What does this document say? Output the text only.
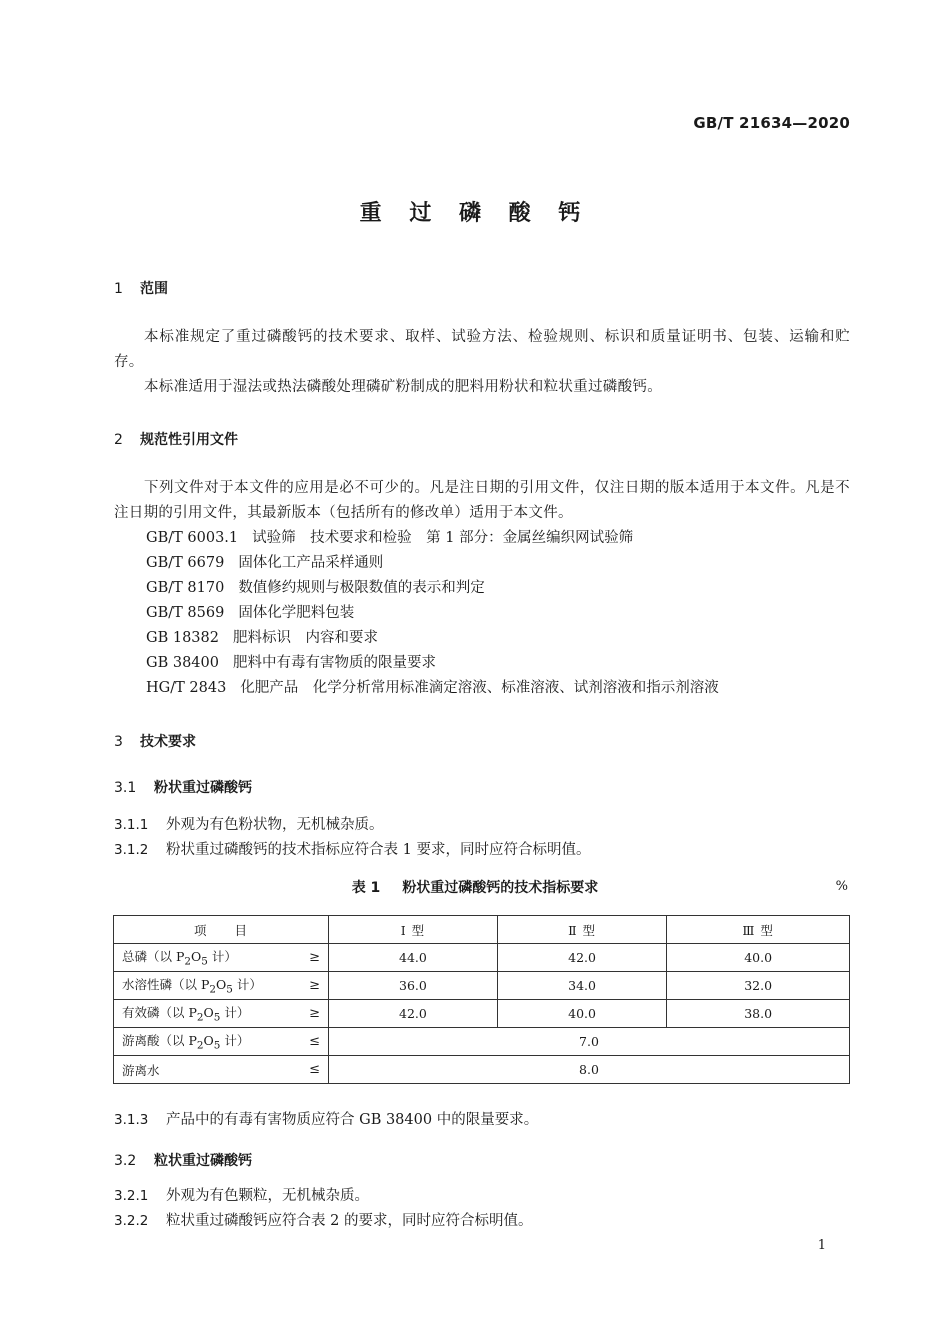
GB/T 21634—2020
重 过 磷 酸 钙
1 范围
本标准规定了重过磷酸钙的技术要求、取样、试验方法、检验规则、标识和质量证明书、包装、运输和贮存。
本标准适用于湿法或热法磷酸处理磷矿粉制成的肥料用粉状和粒状重过磷酸钙。
2 规范性引用文件
下列文件对于本文件的应用是必不可少的。凡是注日期的引用文件，仅注日期的版本适用于本文件。凡是不注日期的引用文件，其最新版本（包括所有的修改单）适用于本文件。
GB/T 6003.1 试验筛　技术要求和检验　第 1 部分：金属丝编织网试验筛
GB/T 6679 固体化工产品采样通则
GB/T 8170 数值修约规则与极限数值的表示和判定
GB/T 8569 固体化学肥料包装
GB 18382 肥料标识　内容和要求
GB 38400 肥料中有毒有害物质的限量要求
HG/T 2843 化肥产品　化学分析常用标准滴定溶液、标准溶液、试剂溶液和指示剂溶液
3 技术要求
3.1 粉状重过磷酸钙
3.1.1 外观为有色粉状物，无机械杂质。
3.1.2 粉状重过磷酸钙的技术指标应符合表 1 要求，同时应符合标明值。
表 1 粉状重过磷酸钙的技术指标要求	%
项　　目	Ⅰ 型	Ⅱ 型	Ⅲ 型
总磷（以 $P_2O_5$ 计） ≥	44.0	42.0	40.0
水溶性磷（以 $P_2O_5$ 计） ≥	36.0	34.0	32.0
有效磷（以 $P_2O_5$ 计） ≥	42.0	40.0	38.0
游离酸（以 $P_2O_5$ 计） ≤	7.0		
游离水 ≤	8.0		
3.1.3 产品中的有毒有害物质应符合 GB 38400 中的限量要求。
3.2 粒状重过磷酸钙
3.2.1 外观为有色颗粒，无机械杂质。
3.2.2 粒状重过磷酸钙应符合表 2 的要求，同时应符合标明值。
1
